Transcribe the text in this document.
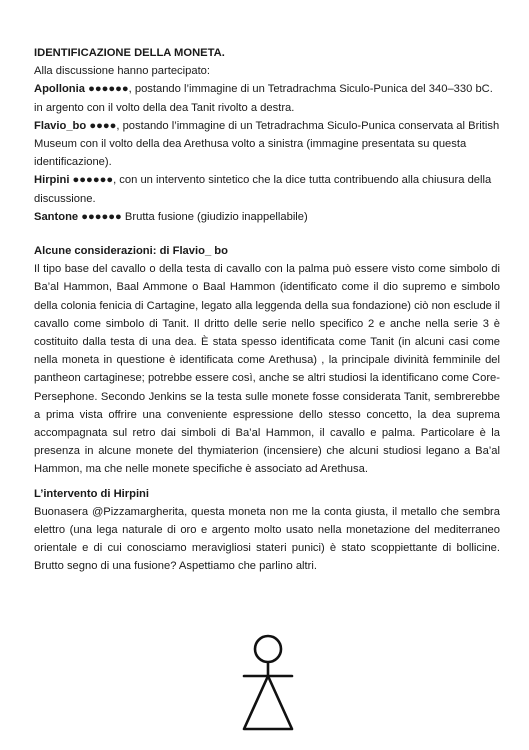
IDENTIFICAZIONE DELLA MONETA.
Alla discussione hanno partecipato:
Apollonia ●●●●●●, postando l’immagine di un Tetradrachma Siculo-Punica del 340–330 bC. in argento con il volto della dea Tanit rivolto a destra.
Flavio_bo ●●●●, postando l’immagine di un Tetradrachma Siculo-Punica conservata al British Museum con il volto della dea Arethusa volto a sinistra (immagine presentata su questa identificazione).
Hirpini ●●●●●●, con un intervento sintetico che la dice tutta contribuendo alla chiusura della discussione.
Santone ●●●●●● Brutta fusione (giudizio inappellabile)
Alcune considerazioni: di Flavio_ bo
Il tipo base del cavallo o della testa di cavallo con la palma può essere visto come simbolo di Ba’al Hammon, Baal Ammone o Baal Hammon (identificato come il dio supremo e simbolo della colonia fenicia di Cartagine, legato alla leggenda della sua fondazione) ciò non esclude il cavallo come simbolo di Tanit. Il dritto delle serie nello specifico 2 e anche nella serie 3 è costituito dalla testa di una dea. È stata spesso identificata come Tanit (in alcuni casi come nella moneta in questione è identificata come Arethusa) , la principale divinità femminile del pantheon cartaginese; potrebbe essere così, anche se altri studiosi la identificano come Core-Persephone. Secondo Jenkins se la testa sulle monete fosse considerata Tanit, sembrerebbe a prima vista offrire una conveniente espressione dello stesso concetto, la dea suprema accompagnata sul retro dai simboli di Ba’al Hammon, il cavallo e palma. Particolare è la presenza in alcune monete del thymiaterion (incensiere) che alcuni studiosi legano a Ba’al Hammon, ma che nelle monete specifiche è associato ad Arethusa.
L’intervento di Hirpini
Buonasera @Pizzamargherita, questa moneta non me la conta giusta, il metallo che sembra elettro (una lega naturale di oro e argento molto usato nella monetazione del mediterraneo orientale e di cui conosciamo meravigliosi stateri punici) è stato scoppiettante di bollicine. Brutto segno di una fusione? Aspettiamo che parlino altri.
